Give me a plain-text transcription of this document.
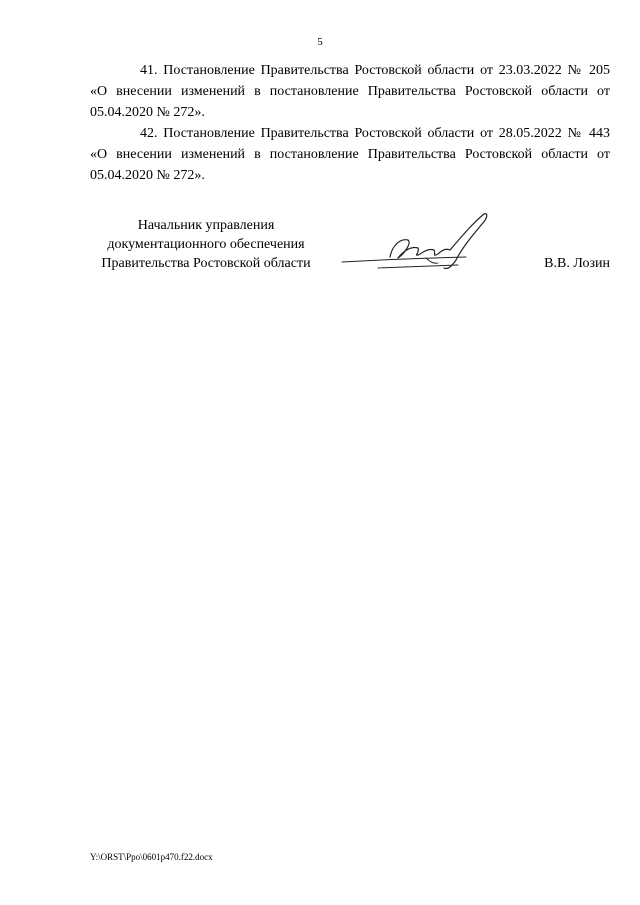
5

41. Постановление Правительства Ростовской области от 23.03.2022 № 205 «О внесении изменений в постановление Правительства Ростовской области от 05.04.2020 № 272».

42. Постановление Правительства Ростовской области от 28.05.2022 № 443 «О внесении изменений в постановление Правительства Ростовской области от 05.04.2020 № 272».

Начальник управления
документационного обеспечения
Правительства Ростовской области	В.В. Лозин
Y:\ORST\Ppo\0601p470.f22.docx
